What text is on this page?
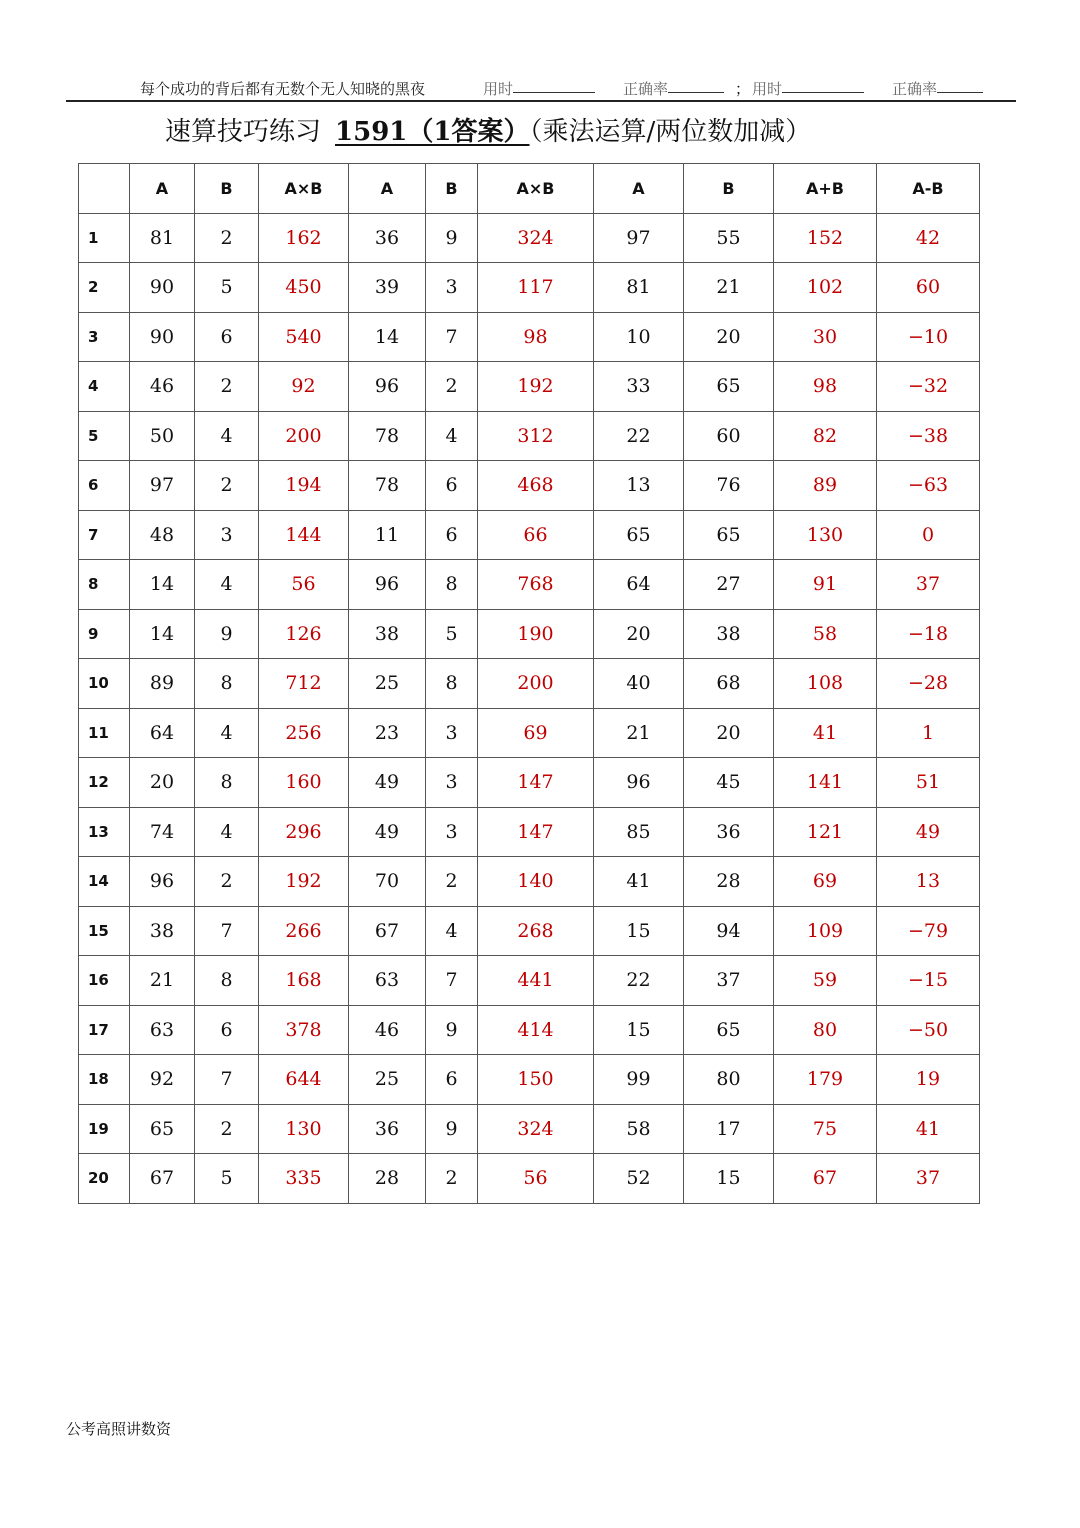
每个成功的背后都有无数个无人知晓的黑夜	用时	正确率	； 用时	正确率
速算技巧练习 1591（1答案）（乘法运算/两位数加减）
	A	B	A×B	A	B	A×B	A	B	A+B	A-B
1	81	2	162	36	9	324	97	55	152	42
2	90	5	450	39	3	117	81	21	102	60
3	90	6	540	14	7	98	10	20	30	−10
4	46	2	92	96	2	192	33	65	98	−32
5	50	4	200	78	4	312	22	60	82	−38
6	97	2	194	78	6	468	13	76	89	−63
7	48	3	144	11	6	66	65	65	130	0
8	14	4	56	96	8	768	64	27	91	37
9	14	9	126	38	5	190	20	38	58	−18
10	89	8	712	25	8	200	40	68	108	−28
11	64	4	256	23	3	69	21	20	41	1
12	20	8	160	49	3	147	96	45	141	51
13	74	4	296	49	3	147	85	36	121	49
14	96	2	192	70	2	140	41	28	69	13
15	38	7	266	67	4	268	15	94	109	−79
16	21	8	168	63	7	441	22	37	59	−15
17	63	6	378	46	9	414	15	65	80	−50
18	92	7	644	25	6	150	99	80	179	19
19	65	2	130	36	9	324	58	17	75	41
20	67	5	335	28	2	56	52	15	67	37
公考高照讲数资
